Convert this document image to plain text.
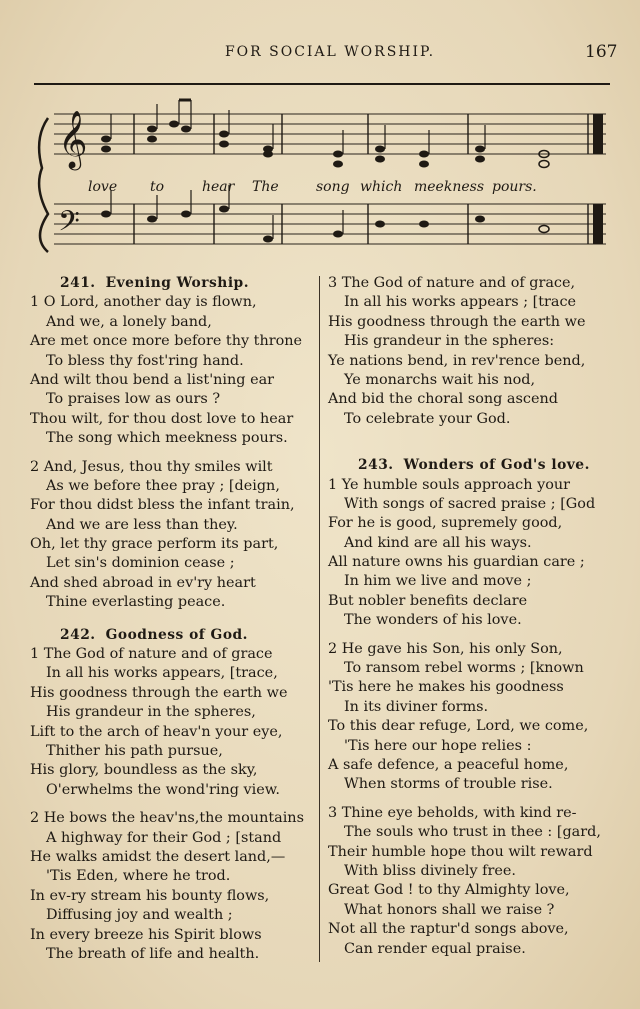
FOR SOCIAL WORSHIP.	167
𝄞
𝄢
love to	hear The	song which meekness pours.
241. Evening Worship.
1 O Lord, another day is flown,
And we, a lonely band,
Are met once more before thy throne
To bless thy fost'ring hand.
And wilt thou bend a list'ning ear
To praises low as ours ?
Thou wilt, for thou dost love to hear
The song which meekness pours.
2 And, Jesus, thou thy smiles wilt
As we before thee pray ; [deign,
For thou didst bless the infant train,
And we are less than they.
Oh, let thy grace perform its part,
Let sin's dominion cease ;
And shed abroad in ev'ry heart
Thine everlasting peace.
242. Goodness of God.
1 The God of nature and of grace
In all his works appears, [trace,
His goodness through the earth we
His grandeur in the spheres,
Lift to the arch of heav'n your eye,
Thither his path pursue,
His glory, boundless as the sky,
O'erwhelms the wond'ring view.
2 He bows the heav'ns,the mountains
A highway for their God ; [stand
He walks amidst the desert land,—
'Tis Eden, where he trod.
In ev-ry stream his bounty flows,
Diffusing joy and wealth ;
In every breeze his Spirit blows
The breath of life and health.
3 The God of nature and of grace,
In all his works appears ; [trace
His goodness through the earth we
His grandeur in the spheres:
Ye nations bend, in rev'rence bend,
Ye monarchs wait his nod,
And bid the choral song ascend
To celebrate your God.
243. Wonders of God's love.
1 Ye humble souls approach your
With songs of sacred praise ; [God
For he is good, supremely good,
And kind are all his ways.
All nature owns his guardian care ;
In him we live and move ;
But nobler benefits declare
The wonders of his love.
2 He gave his Son, his only Son,
To ransom rebel worms ; [known
'Tis here he makes his goodness
In its diviner forms.
To this dear refuge, Lord, we come,
'Tis here our hope relies :
A safe defence, a peaceful home,
When storms of trouble rise.
3 Thine eye beholds, with kind re-
The souls who trust in thee : [gard,
Their humble hope thou wilt reward
With bliss divinely free.
Great God ! to thy Almighty love,
What honors shall we raise ?
Not all the raptur'd songs above,
Can render equal praise.
